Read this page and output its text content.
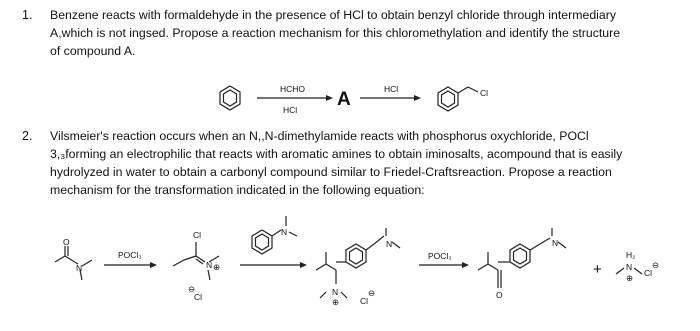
1. Benzene reacts with formaldehyde in the presence of HCl to obtain benzyl chloride through intermediary
A,which is not ingsed. Propose a reaction mechanism for this chloromethylation and identify the structure
of compound A.
2. Vilsmeier's reaction occurs when an N,,N-dimethylamide reacts with phosphorus oxychloride, POCl
3,₃forming an electrophilic that reacts with aromatic amines to obtain iminosalts, acompound that is easily
hydrolyzed in water to obtain a carbonyl compound similar to Friedel-Craftsreaction. Propose a reaction
mechanism for the transformation indicated in the following equation:
HCHO
HCl A	HCl	Cl
O
N
POCl₃
Cl
N ⊕
⊖
Cl
N
N
N
⊕ Cl
⊖
POCl₃
O
N
+
H₂
N
⊕ Cl
⊖
